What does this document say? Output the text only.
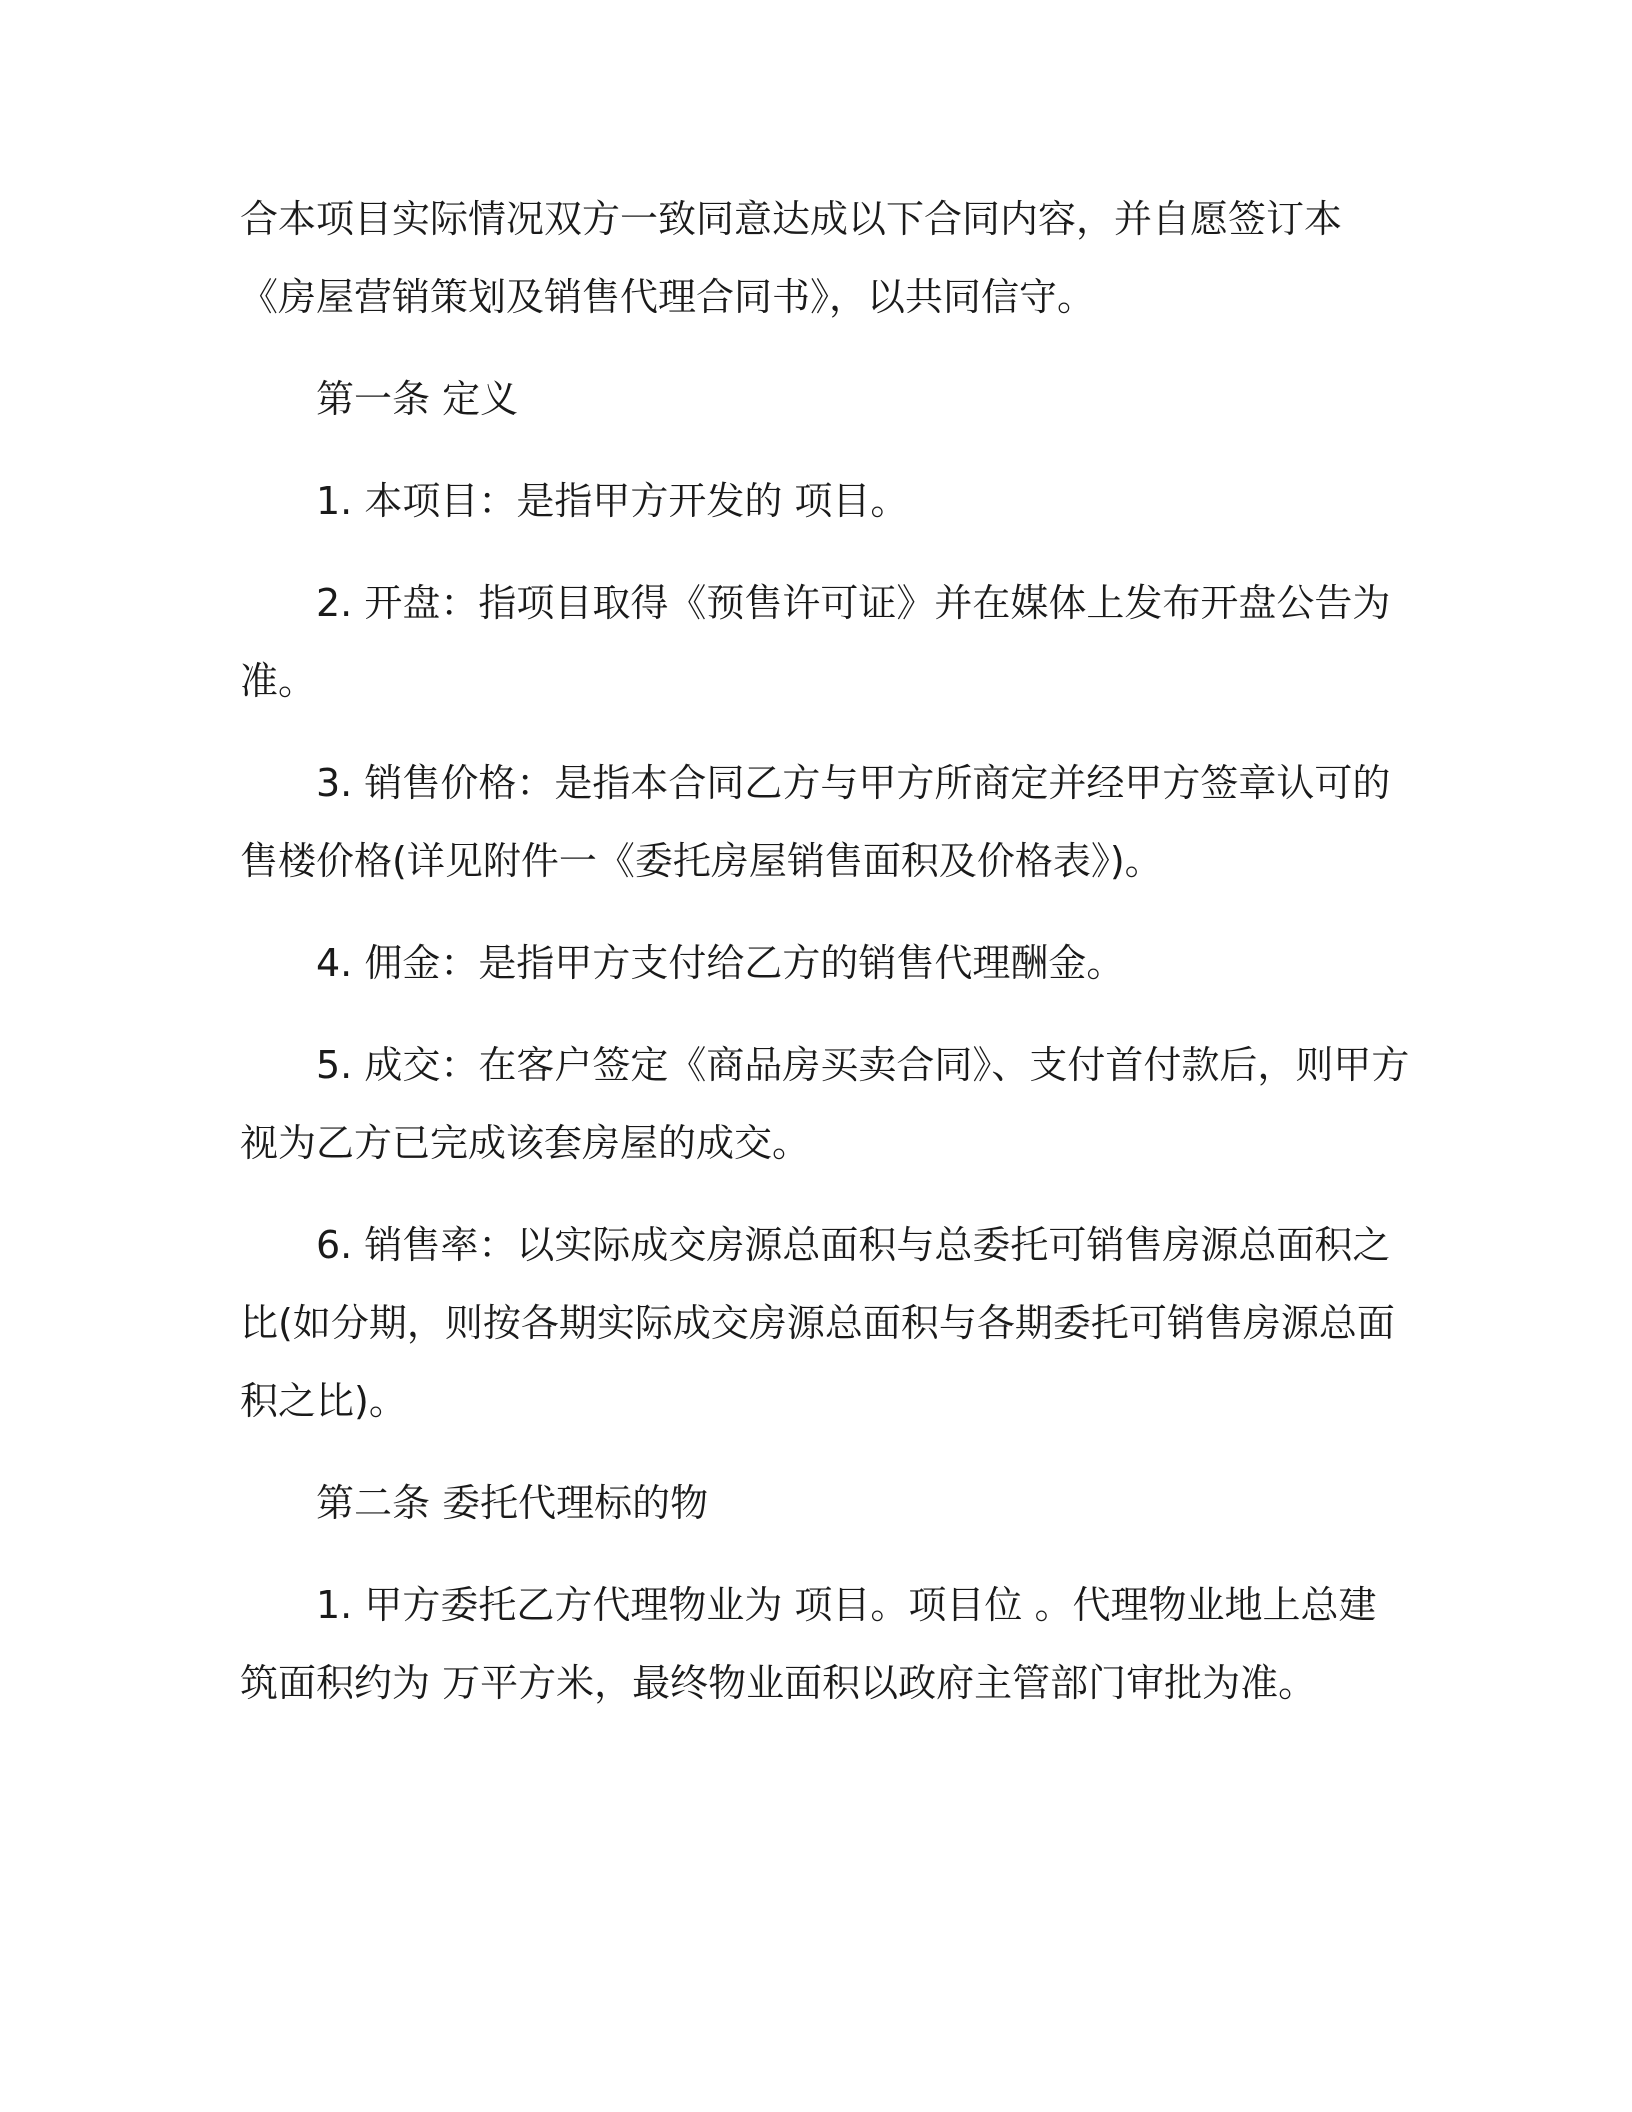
合本项目实际情况双方一致同意达成以下合同内容，并自愿签订本《房屋营销策划及销售代理合同书》，以共同信守。

第一条 定义

1. 本项目：是指甲方开发的 项目。

2. 开盘：指项目取得《预售许可证》并在媒体上发布开盘公告为准。

3. 销售价格：是指本合同乙方与甲方所商定并经甲方签章认可的售楼价格(详见附件一《委托房屋销售面积及价格表》)。

4. 佣金：是指甲方支付给乙方的销售代理酬金。

5. 成交：在客户签定《商品房买卖合同》、支付首付款后，则甲方视为乙方已完成该套房屋的成交。

6. 销售率：以实际成交房源总面积与总委托可销售房源总面积之比(如分期，则按各期实际成交房源总面积与各期委托可销售房源总面积之比)。

第二条 委托代理标的物

1. 甲方委托乙方代理物业为 项目。项目位 。代理物业地上总建筑面积约为 万平方米，最终物业面积以政府主管部门审批为准。
